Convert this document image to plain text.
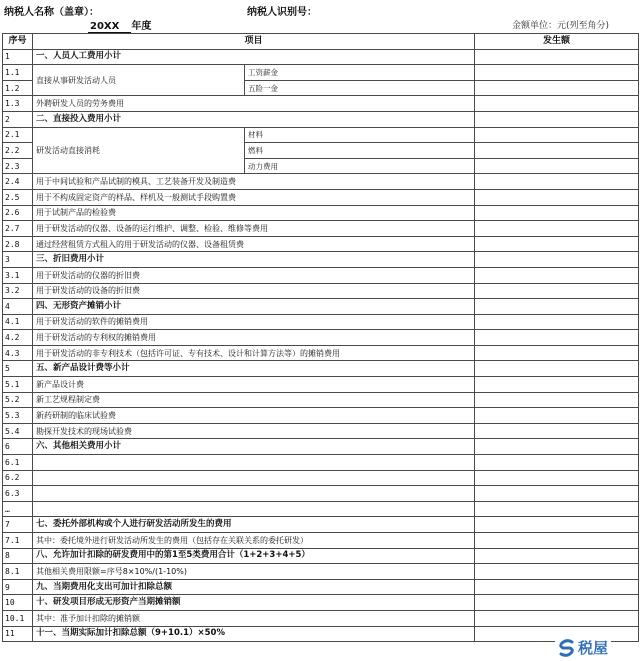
纳税人名称（盖章）：	纳税人识别号：
20XX 年度	金额单位：元(列至角分)
序号	项目		发生额
1	一、人员人工费用小计		
1.1	直接从事研发活动人员	工资薪金	
1.2		五险一金	
1.3	外聘研发人员的劳务费用		
2	二、直接投入费用小计		
2.1	研发活动直接消耗	材料	
2.2		燃料	
2.3		动力费用	
2.4	用于中间试验和产品试制的模具、工艺装备开发及制造费		
2.5	用于不构成固定资产的样品、样机及一般测试手段购置费		
2.6	用于试制产品的检验费		
2.7	用于研发活动的仪器、设备的运行维护、调整、检验、维修等费用		
2.8	通过经营租赁方式租入的用于研发活动的仪器、设备租赁费		
3	三、折旧费用小计		
3.1	用于研发活动的仪器的折旧费		
3.2	用于研发活动的设备的折旧费		
4	四、无形资产摊销小计		
4.1	用于研发活动的软件的摊销费用		
4.2	用于研发活动的专利权的摊销费用		
4.3	用于研发活动的非专利技术（包括许可证、专有技术、设计和计算方法等）的摊销费用		
5	五、新产品设计费等小计		
5.1	新产品设计费		
5.2	新工艺规程制定费		
5.3	新药研制的临床试验费		
5.4	勘探开发技术的现场试验费		
6	六、其他相关费用小计		
6.1			
6.2			
6.3			
…			
7	七、委托外部机构或个人进行研发活动所发生的费用		
7.1	其中：委托境外进行研发活动所发生的费用（包括存在关联关系的委托研发）		
8	八、允许加计扣除的研发费用中的第1至5类费用合计（1+2+3+4+5）		
8.1	其他相关费用限额=序号8×10%/(1-10%)		
9	九、当期费用化支出可加计扣除总额		
10	十、研发项目形成无形资产当期摊销额		
10.1	其中：准予加计扣除的摊销额		
11	十一、当期实际加计扣除总额（9+10.1）×50%		
税屋
